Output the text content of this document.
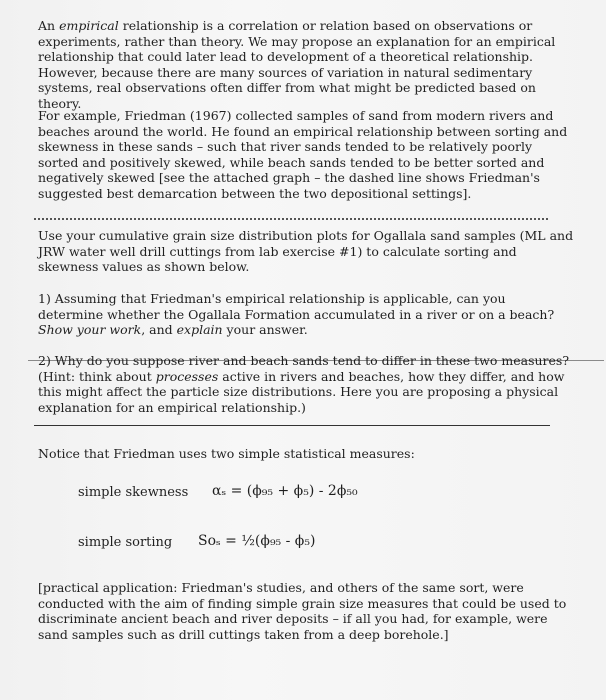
An empirical relationship is a correlation or relation based on observations or experiments, rather than theory. We may propose an explanation for an empirical relationship that could later lead to development of a theoretical relationship. However, because there are many sources of variation in natural sedimentary systems, real observations often differ from what might be predicted based on theory.

For example, Friedman (1967) collected samples of sand from modern rivers and beaches around the world. He found an empirical relationship between sorting and skewness in these sands – such that river sands tended to be relatively poorly sorted and positively skewed, while beach sands tended to be better sorted and negatively skewed [see the attached graph – the dashed line shows Friedman's suggested best demarcation between the two depositional settings].

Use your cumulative grain size distribution plots for Ogallala sand samples (ML and JRW water well drill cuttings from lab exercise #1) to calculate sorting and skewness values as shown below.

1) Assuming that Friedman's empirical relationship is applicable, can you determine whether the Ogallala Formation accumulated in a river or on a beach? Show your work, and explain your answer.

2) Why do you suppose river and beach sands tend to differ in these two measures? (Hint: think about processes active in rivers and beaches, how they differ, and how this might affect the particle size distributions. Here you are proposing a physical explanation for an empirical relationship.)

Notice that Friedman uses two simple statistical measures:

simple skewness αₛ = (ϕ₉₅ + ϕ₅) - 2ϕ₅₀
simple sorting Soₛ = ½(ϕ₉₅ - ϕ₅)

[practical application: Friedman's studies, and others of the same sort, were conducted with the aim of finding simple grain size measures that could be used to discriminate ancient beach and river deposits – if all you had, for example, were sand samples such as drill cuttings taken from a deep borehole.]
